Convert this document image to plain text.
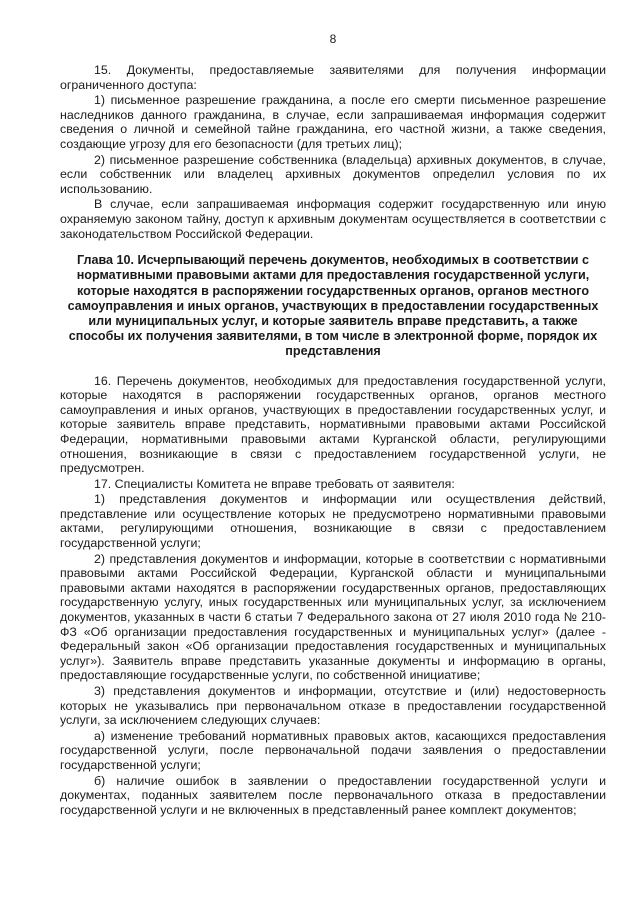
8

15. Документы, предоставляемые заявителями для получения информации ограниченного доступа:

1) письменное разрешение гражданина, а после его смерти письменное разрешение наследников данного гражданина, в случае, если запрашиваемая информация содержит сведения о личной и семейной тайне гражданина, его частной жизни, а также сведения, создающие угрозу для его безопасности (для третьих лиц);

2) письменное разрешение собственника (владельца) архивных документов, в случае, если собственник или владелец архивных документов определил условия по их использованию.

В случае, если запрашиваемая информация содержит государственную или иную охраняемую законом тайну, доступ к архивным документам осуществляется в соответствии с законодательством Российской Федерации.

Глава 10. Исчерпывающий перечень документов, необходимых в соответствии с нормативными правовыми актами для предоставления государственной услуги, которые находятся в распоряжении государственных органов, органов местного самоуправления и иных органов, участвующих в предоставлении государственных или муниципальных услуг, и которые заявитель вправе представить, а также способы их получения заявителями, в том числе в электронной форме, порядок их представления

16. Перечень документов, необходимых для предоставления государственной услуги, которые находятся в распоряжении государственных органов, органов местного самоуправления и иных органов, участвующих в предоставлении государственных услуг, и которые заявитель вправе представить, нормативными правовыми актами Российской Федерации, нормативными правовыми актами Курганской области, регулирующими отношения, возникающие в связи с предоставлением государственной услуги, не предусмотрен.

17. Специалисты Комитета не вправе требовать от заявителя:

1) представления документов и информации или осуществления действий, представление или осуществление которых не предусмотрено нормативными правовыми актами, регулирующими отношения, возникающие в связи с предоставлением государственной услуги;

2) представления документов и информации, которые в соответствии с нормативными правовыми актами Российской Федерации, Курганской области и муниципальными правовыми актами находятся в распоряжении государственных органов, предоставляющих государственную услугу, иных государственных или муниципальных услуг, за исключением документов, указанных в части 6 статьи 7 Федерального закона от 27 июля 2010 года № 210-ФЗ «Об организации предоставления государственных и муниципальных услуг» (далее - Федеральный закон «Об организации предоставления государственных и муниципальных услуг»). Заявитель вправе представить указанные документы и информацию в органы, предоставляющие государственные услуги, по собственной инициативе;

3) представления документов и информации, отсутствие и (или) недостоверность которых не указывались при первоначальном отказе в предоставлении государственной услуги, за исключением следующих случаев:

а) изменение требований нормативных правовых актов, касающихся предоставления государственной услуги, после первоначальной подачи заявления о предоставлении государственной услуги;

б) наличие ошибок в заявлении о предоставлении государственной услуги и документах, поданных заявителем после первоначального отказа в предоставлении государственной услуги и не включенных в представленный ранее комплект документов;
